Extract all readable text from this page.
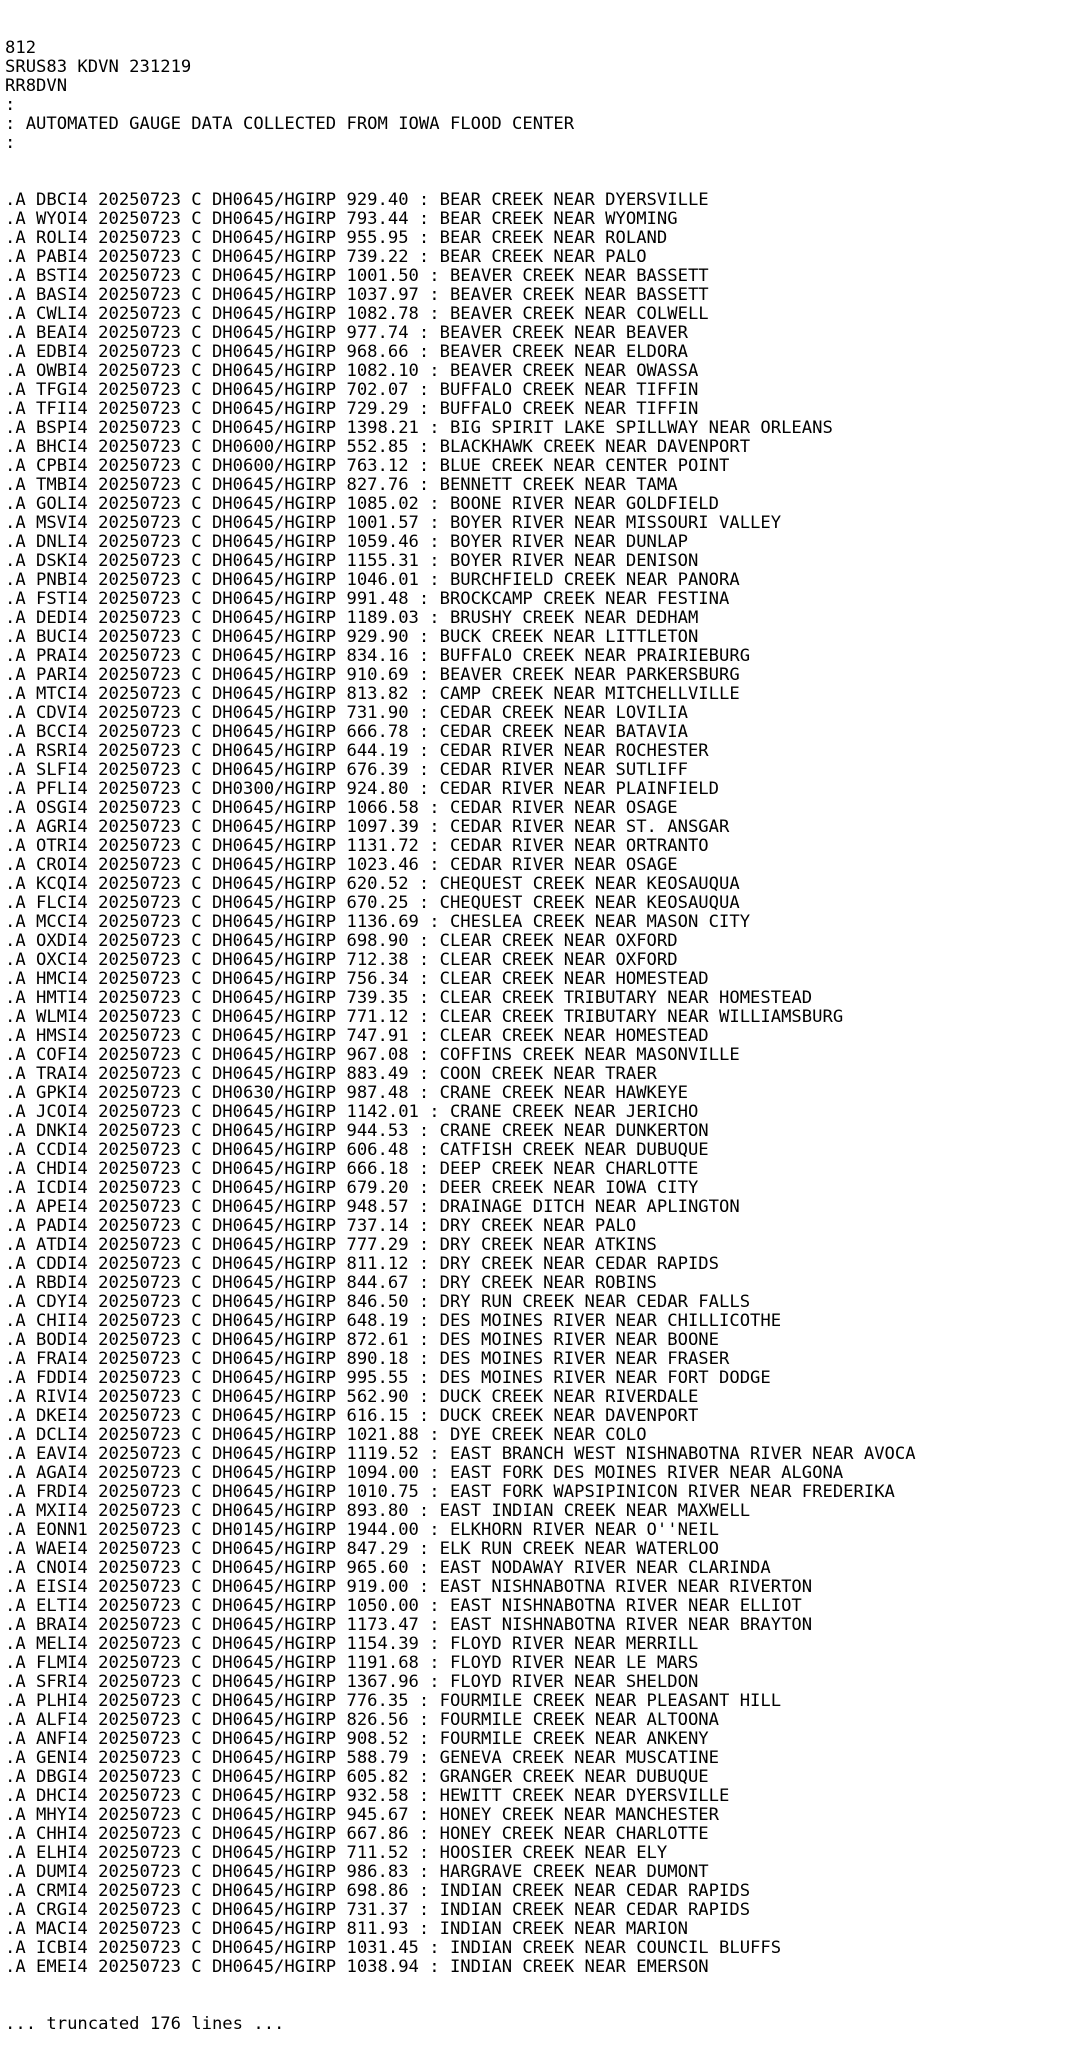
812
SRUS83 KDVN 231219
RR8DVN
:
: AUTOMATED GAUGE DATA COLLECTED FROM IOWA FLOOD CENTER
:

.A DBCI4 20250723 C DH0645/HGIRP 929.40 : BEAR CREEK NEAR DYERSVILLE
.A WYOI4 20250723 C DH0645/HGIRP 793.44 : BEAR CREEK NEAR WYOMING
.A ROLI4 20250723 C DH0645/HGIRP 955.95 : BEAR CREEK NEAR ROLAND
.A PABI4 20250723 C DH0645/HGIRP 739.22 : BEAR CREEK NEAR PALO
.A BSTI4 20250723 C DH0645/HGIRP 1001.50 : BEAVER CREEK NEAR BASSETT
.A BASI4 20250723 C DH0645/HGIRP 1037.97 : BEAVER CREEK NEAR BASSETT
.A CWLI4 20250723 C DH0645/HGIRP 1082.78 : BEAVER CREEK NEAR COLWELL
.A BEAI4 20250723 C DH0645/HGIRP 977.74 : BEAVER CREEK NEAR BEAVER
.A EDBI4 20250723 C DH0645/HGIRP 968.66 : BEAVER CREEK NEAR ELDORA
.A OWBI4 20250723 C DH0645/HGIRP 1082.10 : BEAVER CREEK NEAR OWASSA
.A TFGI4 20250723 C DH0645/HGIRP 702.07 : BUFFALO CREEK NEAR TIFFIN
.A TFII4 20250723 C DH0645/HGIRP 729.29 : BUFFALO CREEK NEAR TIFFIN
.A BSPI4 20250723 C DH0645/HGIRP 1398.21 : BIG SPIRIT LAKE SPILLWAY NEAR ORLEANS
.A BHCI4 20250723 C DH0600/HGIRP 552.85 : BLACKHAWK CREEK NEAR DAVENPORT
.A CPBI4 20250723 C DH0600/HGIRP 763.12 : BLUE CREEK NEAR CENTER POINT
.A TMBI4 20250723 C DH0645/HGIRP 827.76 : BENNETT CREEK NEAR TAMA
.A GOLI4 20250723 C DH0645/HGIRP 1085.02 : BOONE RIVER NEAR GOLDFIELD
.A MSVI4 20250723 C DH0645/HGIRP 1001.57 : BOYER RIVER NEAR MISSOURI VALLEY
.A DNLI4 20250723 C DH0645/HGIRP 1059.46 : BOYER RIVER NEAR DUNLAP
.A DSKI4 20250723 C DH0645/HGIRP 1155.31 : BOYER RIVER NEAR DENISON
.A PNBI4 20250723 C DH0645/HGIRP 1046.01 : BURCHFIELD CREEK NEAR PANORA
.A FSTI4 20250723 C DH0645/HGIRP 991.48 : BROCKCAMP CREEK NEAR FESTINA
.A DEDI4 20250723 C DH0645/HGIRP 1189.03 : BRUSHY CREEK NEAR DEDHAM
.A BUCI4 20250723 C DH0645/HGIRP 929.90 : BUCK CREEK NEAR LITTLETON
.A PRAI4 20250723 C DH0645/HGIRP 834.16 : BUFFALO CREEK NEAR PRAIRIEBURG
.A PARI4 20250723 C DH0645/HGIRP 910.69 : BEAVER CREEK NEAR PARKERSBURG
.A MTCI4 20250723 C DH0645/HGIRP 813.82 : CAMP CREEK NEAR MITCHELLVILLE
.A CDVI4 20250723 C DH0645/HGIRP 731.90 : CEDAR CREEK NEAR LOVILIA
.A BCCI4 20250723 C DH0645/HGIRP 666.78 : CEDAR CREEK NEAR BATAVIA
.A RSRI4 20250723 C DH0645/HGIRP 644.19 : CEDAR RIVER NEAR ROCHESTER
.A SLFI4 20250723 C DH0645/HGIRP 676.39 : CEDAR RIVER NEAR SUTLIFF
.A PFLI4 20250723 C DH0300/HGIRP 924.80 : CEDAR RIVER NEAR PLAINFIELD
.A OSGI4 20250723 C DH0645/HGIRP 1066.58 : CEDAR RIVER NEAR OSAGE
.A AGRI4 20250723 C DH0645/HGIRP 1097.39 : CEDAR RIVER NEAR ST. ANSGAR
.A OTRI4 20250723 C DH0645/HGIRP 1131.72 : CEDAR RIVER NEAR ORTRANTO
.A CROI4 20250723 C DH0645/HGIRP 1023.46 : CEDAR RIVER NEAR OSAGE
.A KCQI4 20250723 C DH0645/HGIRP 620.52 : CHEQUEST CREEK NEAR KEOSAUQUA
.A FLCI4 20250723 C DH0645/HGIRP 670.25 : CHEQUEST CREEK NEAR KEOSAUQUA
.A MCCI4 20250723 C DH0645/HGIRP 1136.69 : CHESLEA CREEK NEAR MASON CITY
.A OXDI4 20250723 C DH0645/HGIRP 698.90 : CLEAR CREEK NEAR OXFORD
.A OXCI4 20250723 C DH0645/HGIRP 712.38 : CLEAR CREEK NEAR OXFORD
.A HMCI4 20250723 C DH0645/HGIRP 756.34 : CLEAR CREEK NEAR HOMESTEAD
.A HMTI4 20250723 C DH0645/HGIRP 739.35 : CLEAR CREEK TRIBUTARY NEAR HOMESTEAD
.A WLMI4 20250723 C DH0645/HGIRP 771.12 : CLEAR CREEK TRIBUTARY NEAR WILLIAMSBURG
.A HMSI4 20250723 C DH0645/HGIRP 747.91 : CLEAR CREEK NEAR HOMESTEAD
.A COFI4 20250723 C DH0645/HGIRP 967.08 : COFFINS CREEK NEAR MASONVILLE
.A TRAI4 20250723 C DH0645/HGIRP 883.49 : COON CREEK NEAR TRAER
.A GPKI4 20250723 C DH0630/HGIRP 987.48 : CRANE CREEK NEAR HAWKEYE
.A JCOI4 20250723 C DH0645/HGIRP 1142.01 : CRANE CREEK NEAR JERICHO
.A DNKI4 20250723 C DH0645/HGIRP 944.53 : CRANE CREEK NEAR DUNKERTON
.A CCDI4 20250723 C DH0645/HGIRP 606.48 : CATFISH CREEK NEAR DUBUQUE
.A CHDI4 20250723 C DH0645/HGIRP 666.18 : DEEP CREEK NEAR CHARLOTTE
.A ICDI4 20250723 C DH0645/HGIRP 679.20 : DEER CREEK NEAR IOWA CITY
.A APEI4 20250723 C DH0645/HGIRP 948.57 : DRAINAGE DITCH NEAR APLINGTON
.A PADI4 20250723 C DH0645/HGIRP 737.14 : DRY CREEK NEAR PALO
.A ATDI4 20250723 C DH0645/HGIRP 777.29 : DRY CREEK NEAR ATKINS
.A CDDI4 20250723 C DH0645/HGIRP 811.12 : DRY CREEK NEAR CEDAR RAPIDS
.A RBDI4 20250723 C DH0645/HGIRP 844.67 : DRY CREEK NEAR ROBINS
.A CDYI4 20250723 C DH0645/HGIRP 846.50 : DRY RUN CREEK NEAR CEDAR FALLS
.A CHII4 20250723 C DH0645/HGIRP 648.19 : DES MOINES RIVER NEAR CHILLICOTHE
.A BODI4 20250723 C DH0645/HGIRP 872.61 : DES MOINES RIVER NEAR BOONE
.A FRAI4 20250723 C DH0645/HGIRP 890.18 : DES MOINES RIVER NEAR FRASER
.A FDDI4 20250723 C DH0645/HGIRP 995.55 : DES MOINES RIVER NEAR FORT DODGE
.A RIVI4 20250723 C DH0645/HGIRP 562.90 : DUCK CREEK NEAR RIVERDALE
.A DKEI4 20250723 C DH0645/HGIRP 616.15 : DUCK CREEK NEAR DAVENPORT
.A DCLI4 20250723 C DH0645/HGIRP 1021.88 : DYE CREEK NEAR COLO
.A EAVI4 20250723 C DH0645/HGIRP 1119.52 : EAST BRANCH WEST NISHNABOTNA RIVER NEAR AVOCA
.A AGAI4 20250723 C DH0645/HGIRP 1094.00 : EAST FORK DES MOINES RIVER NEAR ALGONA
.A FRDI4 20250723 C DH0645/HGIRP 1010.75 : EAST FORK WAPSIPINICON RIVER NEAR FREDERIKA
.A MXII4 20250723 C DH0645/HGIRP 893.80 : EAST INDIAN CREEK NEAR MAXWELL
.A EONN1 20250723 C DH0145/HGIRP 1944.00 : ELKHORN RIVER NEAR O''NEIL
.A WAEI4 20250723 C DH0645/HGIRP 847.29 : ELK RUN CREEK NEAR WATERLOO
.A CNOI4 20250723 C DH0645/HGIRP 965.60 : EAST NODAWAY RIVER NEAR CLARINDA
.A EISI4 20250723 C DH0645/HGIRP 919.00 : EAST NISHNABOTNA RIVER NEAR RIVERTON
.A ELTI4 20250723 C DH0645/HGIRP 1050.00 : EAST NISHNABOTNA RIVER NEAR ELLIOT
.A BRAI4 20250723 C DH0645/HGIRP 1173.47 : EAST NISHNABOTNA RIVER NEAR BRAYTON
.A MELI4 20250723 C DH0645/HGIRP 1154.39 : FLOYD RIVER NEAR MERRILL
.A FLMI4 20250723 C DH0645/HGIRP 1191.68 : FLOYD RIVER NEAR LE MARS
.A SFRI4 20250723 C DH0645/HGIRP 1367.96 : FLOYD RIVER NEAR SHELDON
.A PLHI4 20250723 C DH0645/HGIRP 776.35 : FOURMILE CREEK NEAR PLEASANT HILL
.A ALFI4 20250723 C DH0645/HGIRP 826.56 : FOURMILE CREEK NEAR ALTOONA
.A ANFI4 20250723 C DH0645/HGIRP 908.52 : FOURMILE CREEK NEAR ANKENY
.A GENI4 20250723 C DH0645/HGIRP 588.79 : GENEVA CREEK NEAR MUSCATINE
.A DBGI4 20250723 C DH0645/HGIRP 605.82 : GRANGER CREEK NEAR DUBUQUE
.A DHCI4 20250723 C DH0645/HGIRP 932.58 : HEWITT CREEK NEAR DYERSVILLE
.A MHYI4 20250723 C DH0645/HGIRP 945.67 : HONEY CREEK NEAR MANCHESTER
.A CHHI4 20250723 C DH0645/HGIRP 667.86 : HONEY CREEK NEAR CHARLOTTE
.A ELHI4 20250723 C DH0645/HGIRP 711.52 : HOOSIER CREEK NEAR ELY
.A DUMI4 20250723 C DH0645/HGIRP 986.83 : HARGRAVE CREEK NEAR DUMONT
.A CRMI4 20250723 C DH0645/HGIRP 698.86 : INDIAN CREEK NEAR CEDAR RAPIDS
.A CRGI4 20250723 C DH0645/HGIRP 731.37 : INDIAN CREEK NEAR CEDAR RAPIDS
.A MACI4 20250723 C DH0645/HGIRP 811.93 : INDIAN CREEK NEAR MARION
.A ICBI4 20250723 C DH0645/HGIRP 1031.45 : INDIAN CREEK NEAR COUNCIL BLUFFS
.A EMEI4 20250723 C DH0645/HGIRP 1038.94 : INDIAN CREEK NEAR EMERSON

... truncated 176 lines ...
